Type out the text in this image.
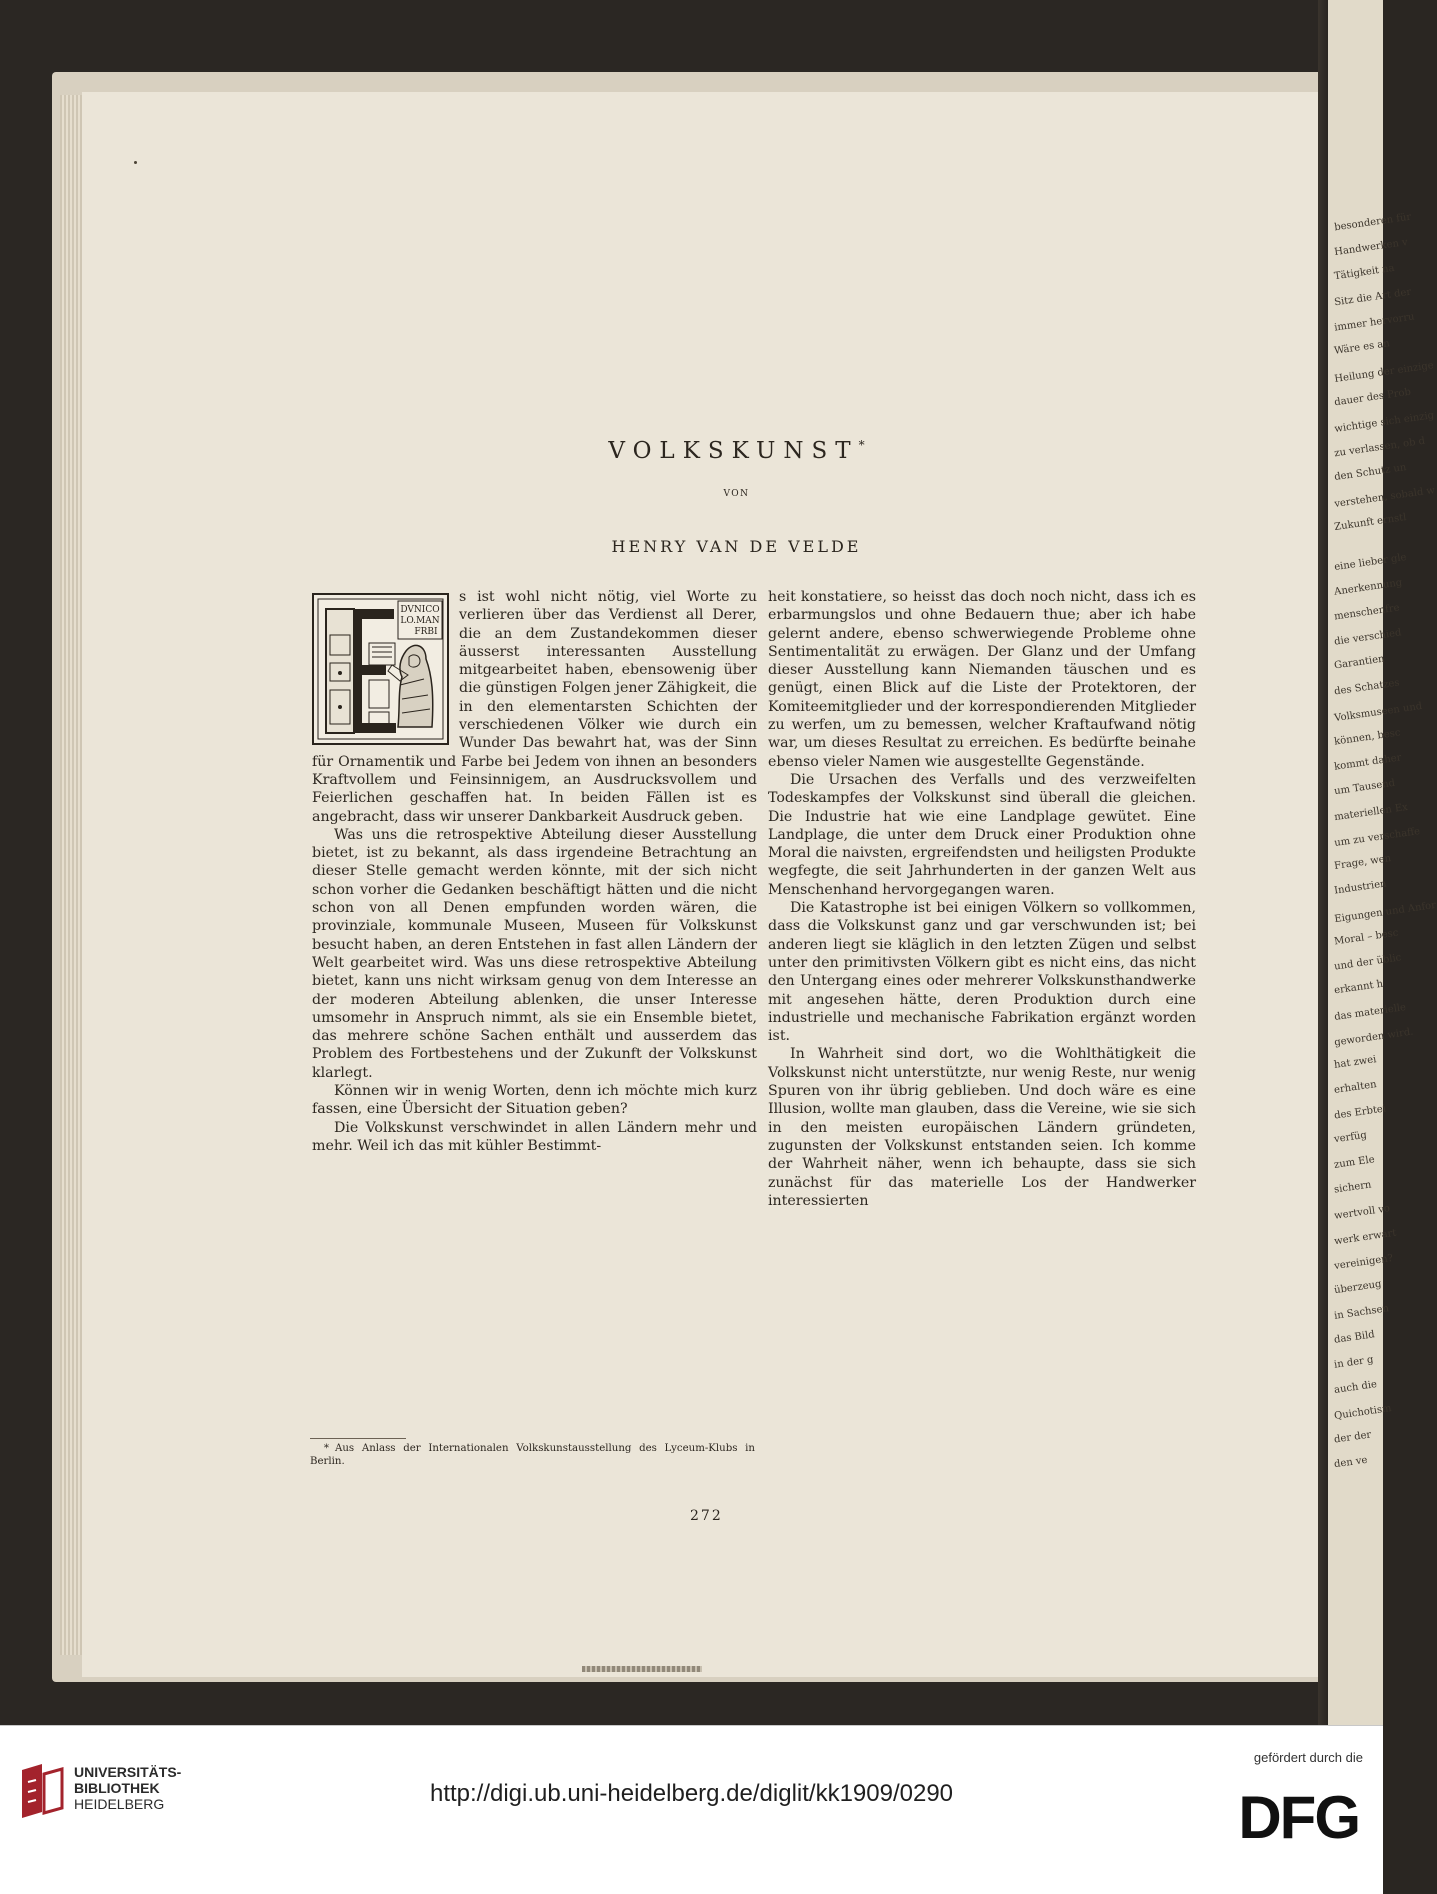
besonderen für
Handwerken v
Tätigkeit na
Sitz die Art der
immer hervorru
Wäre es an
Heilung der einzige
dauer des Prob
wichtige sich einzig
zu verlassen, ob d
den Schutz un
verstehen, sobald w
Zukunft ernstl
eine lieber gle
Anerkennung
menschenfre
die verschied
Garantien
des Schatzes
Volksmuseen und
können, besc
kommt daher
um Tausend
materiellen Ex
um zu verschaffe
Frage, wen
Industrien
Eigungen und Anfor
Moral – besc
und der üblic
erkannt h
das materielle
geworden wird.
hat zwei
erhalten
des Erbtei
verfüg
zum Ele
sichern
wertvoll vo
werk erwart
vereinigen?
überzeug
in Sachsen
das Bild
in der g
auch die
Quichotism
der der
den ve
VOLKSKUNST*
VON
HENRY VAN DE VELDE
DVNICO
LO.MAN
FRBI

s ist wohl nicht nötig, viel Worte zu verlieren über das Verdienst all Derer, die an dem Zustandekommen dieser äusserst interessanten Ausstellung mitgearbeitet haben, ebensowenig über die günstigen Folgen jener Zähigkeit, die in den elementarsten Schichten der verschiedenen Völker wie durch ein Wunder Das bewahrt hat, was der Sinn für Ornamentik und Farbe bei Jedem von ihnen an besonders Kraftvollem und Feinsinnigem, an Ausdrucksvollem und Feierlichen geschaffen hat. In beiden Fällen ist es angebracht, dass wir unserer Dankbarkeit Ausdruck geben.

Was uns die retrospektive Abteilung dieser Ausstellung bietet, ist zu bekannt, als dass irgendeine Betrachtung an dieser Stelle gemacht werden könnte, mit der sich nicht schon vorher die Gedanken beschäftigt hätten und die nicht schon von all Denen empfunden worden wären, die provinziale, kommunale Museen, Museen für Volkskunst besucht haben, an deren Entstehen in fast allen Ländern der Welt gearbeitet wird. Was uns diese retrospektive Abteilung bietet, kann uns nicht wirksam genug von dem Interesse an der moderen Abteilung ablenken, die unser Interesse umsomehr in Anspruch nimmt, als sie ein Ensemble bietet, das mehrere schöne Sachen enthält und ausserdem das Problem des Fortbestehens und der Zukunft der Volkskunst klarlegt.

Können wir in wenig Worten, denn ich möchte mich kurz fassen, eine Übersicht der Situation geben?

Die Volkskunst verschwindet in allen Ländern mehr und mehr. Weil ich das mit kühler Bestimmt-

heit konstatiere, so heisst das doch noch nicht, dass ich es erbarmungslos und ohne Bedauern thue; aber ich habe gelernt andere, ebenso schwerwiegende Probleme ohne Sentimentalität zu erwägen. Der Glanz und der Umfang dieser Ausstellung kann Niemanden täuschen und es genügt, einen Blick auf die Liste der Protektoren, der Komiteemitglieder und der korrespondierenden Mitglieder zu werfen, um zu bemessen, welcher Kraftaufwand nötig war, um dieses Resultat zu erreichen. Es bedürfte beinahe ebenso vieler Namen wie ausgestellte Gegenstände.

Die Ursachen des Verfalls und des verzweifelten Todeskampfes der Volkskunst sind überall die gleichen. Die Industrie hat wie eine Landplage gewütet. Eine Landplage, die unter dem Druck einer Produktion ohne Moral die naivsten, ergreifendsten und heiligsten Produkte wegfegte, die seit Jahrhunderten in der ganzen Welt aus Menschenhand hervorgegangen waren.

Die Katastrophe ist bei einigen Völkern so vollkommen, dass die Volkskunst ganz und gar verschwunden ist; bei anderen liegt sie kläglich in den letzten Zügen und selbst unter den primitivsten Völkern gibt es nicht eins, das nicht den Untergang eines oder mehrerer Volkskunsthandwerke mit angesehen hätte, deren Produktion durch eine industrielle und mechanische Fabrikation ergänzt worden ist.

In Wahrheit sind dort, wo die Wohlthätigkeit die Volkskunst nicht unterstützte, nur wenig Reste, nur wenig Spuren von ihr übrig geblieben. Und doch wäre es eine Illusion, wollte man glauben, dass die Vereine, wie sie sich in den meisten europäischen Ländern gründeten, zugunsten der Volkskunst entstanden seien. Ich komme der Wahrheit näher, wenn ich behaupte, dass sie sich zunächst für das materielle Los der Handwerker interessierten

* Aus Anlass der Internationalen Volkskunstausstellung des Lyceum-Klubs in Berlin.
272
UNIVERSITÄTS-
BIBLIOTHEK
HEIDELBERG	http://digi.ub.uni-heidelberg.de/diglit/kk1909/0290
gefördert durch die
DFG
